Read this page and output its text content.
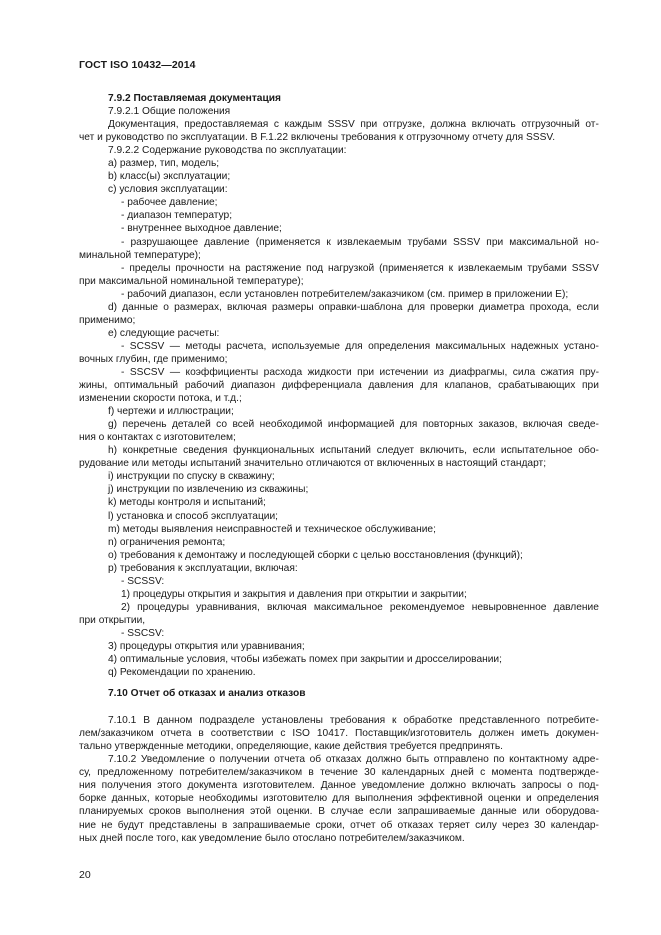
ГОСТ ISO 10432—2014
7.9.2 Поставляемая документация
7.9.2.1 Общие положения
Документация, предоставляемая с каждым SSSV при отгрузке, должна включать отгрузочный от-
чет и руководство по эксплуатации. В F.1.22 включены требования к отгрузочному отчету для SSSV.
7.9.2.2 Содержание руководства по эксплуатации:
a) размер, тип, модель;
b) класс(ы) эксплуатации;
c) условия эксплуатации:
- рабочее давление;
- диапазон температур;
- внутреннее выходное давление;
- разрушающее давление (применяется к извлекаемым трубами SSSV при максимальной но-
минальной температуре);
- пределы прочности на растяжение под нагрузкой (применяется к извлекаемым трубами SSSV
при максимальной номинальной температуре);
- рабочий диапазон, если установлен потребителем/заказчиком (см. пример в приложении Е);
d) данные о размерах, включая размеры оправки-шаблона для проверки диаметра прохода, если
применимо;
e) следующие расчеты:
- SCSSV — методы расчета, используемые для определения максимальных надежных устано-
вочных глубин, где применимо;
- SSCSV — коэффициенты расхода жидкости при истечении из диафрагмы, сила сжатия пру-
жины, оптимальный рабочий диапазон дифференциала давления для клапанов, срабатывающих при
изменении скорости потока, и т.д.;
f) чертежи и иллюстрации;
g) перечень деталей со всей необходимой информацией для повторных заказов, включая сведе-
ния о контактах с изготовителем;
h) конкретные сведения функциональных испытаний следует включить, если испытательное обо-
рудование или методы испытаний значительно отличаются от включенных в настоящий стандарт;
i) инструкции по спуску в скважину;
j) инструкции по извлечению из скважины;
k) методы контроля и испытаний;
l) установка и способ эксплуатации;
m) методы выявления неисправностей и техническое обслуживание;
n) ограничения ремонта;
o) требования к демонтажу и последующей сборки с целью восстановления (функций);
p) требования к эксплуатации, включая:
- SCSSV:
1) процедуры открытия и закрытия и давления при открытии и закрытии;
2) процедуры уравнивания, включая максимальное рекомендуемое невыровненное давление
при открытии,
- SSCSV:
3) процедуры открытия или уравнивания;
4) оптимальные условия, чтобы избежать помех при закрытии и дросселировании;
q) Рекомендации по хранению.
7.10 Отчет об отказах и анализ отказов
7.10.1 В данном подразделе установлены требования к обработке представленного потребите-
лем/заказчиком отчета в соответствии с ISO 10417. Поставщик/изготовитель должен иметь докумен-
тально утвержденные методики, определяющие, какие действия требуется предпринять.
7.10.2 Уведомление о получении отчета об отказах должно быть отправлено по контактному адре-
су, предложенному потребителем/заказчиком в течение 30 календарных дней с момента подтвержде-
ния получения этого документа изготовителем. Данное уведомление должно включать запросы о под-
борке данных, которые необходимы изготовителю для выполнения эффективной оценки и определения
планируемых сроков выполнения этой оценки. В случае если запрашиваемые данные или оборудова-
ние не будут представлены в запрашиваемые сроки, отчет об отказах теряет силу через 30 календар-
ных дней после того, как уведомление было отослано потребителем/заказчиком.
20
